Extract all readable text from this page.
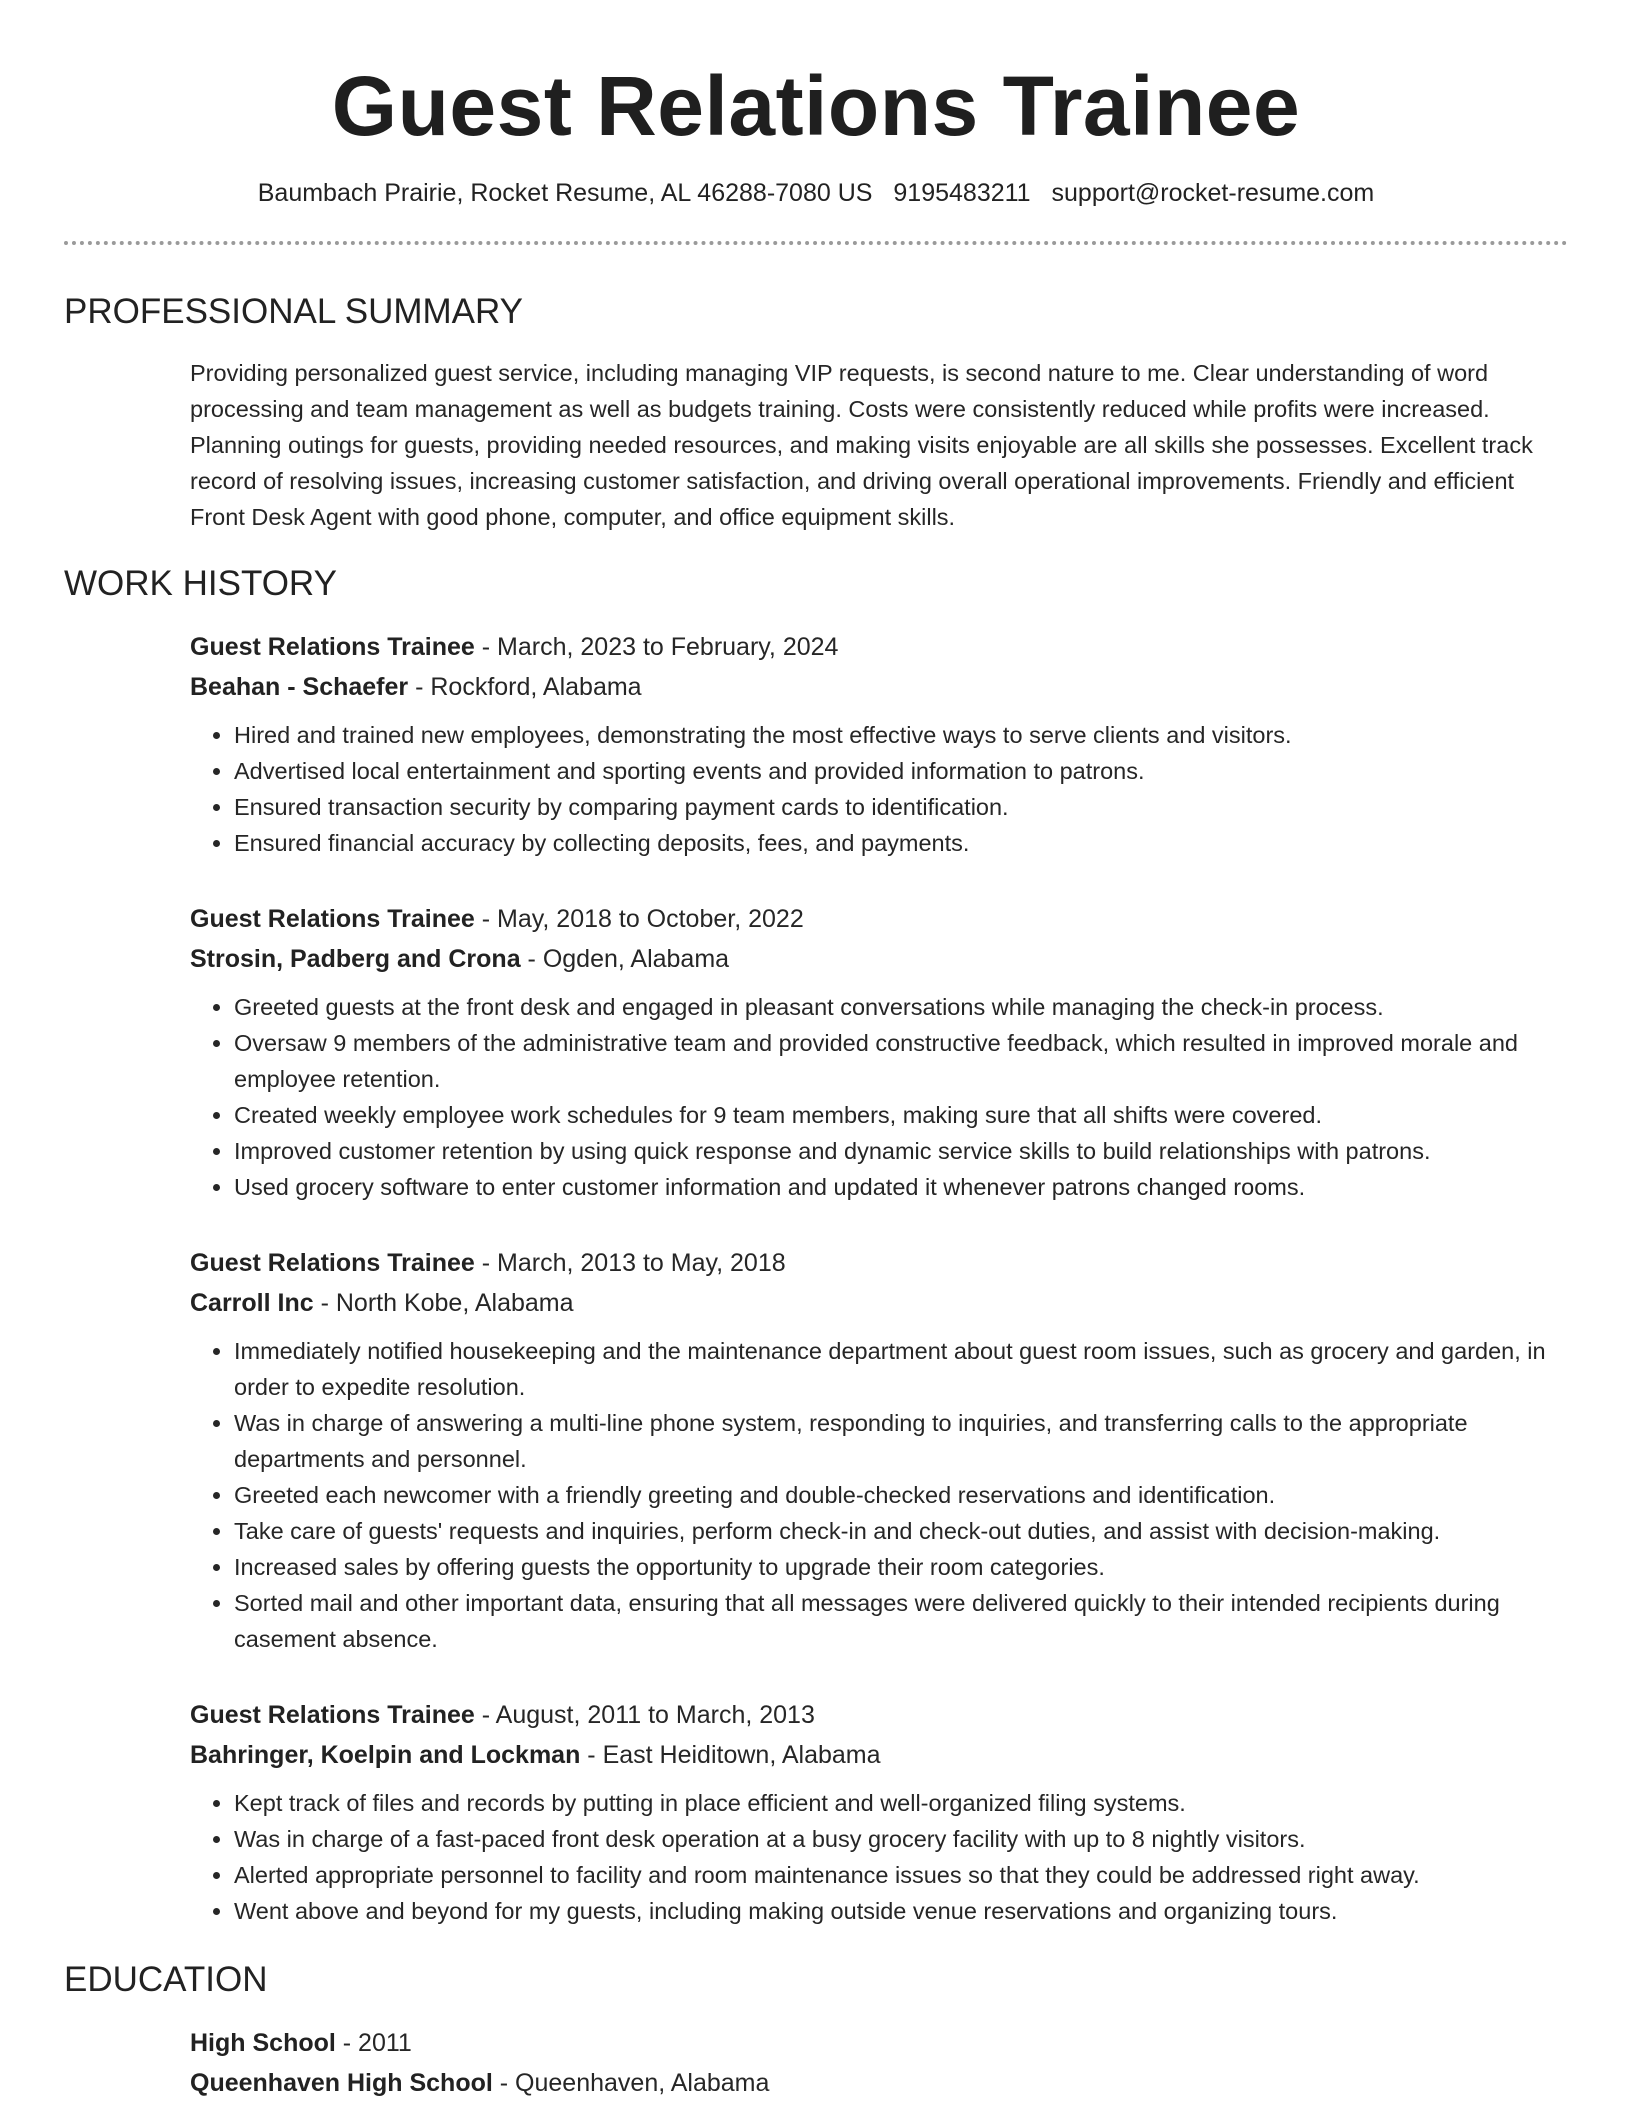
Guest Relations Trainee
Baumbach Prairie, Rocket Resume, AL 46288-7080 US 9195483211 support@rocket-resume.com
PROFESSIONAL SUMMARY
Providing personalized guest service, including managing VIP requests, is second nature to me. Clear understanding of word processing and team management as well as budgets training. Costs were consistently reduced while profits were increased. Planning outings for guests, providing needed resources, and making visits enjoyable are all skills she possesses. Excellent track record of resolving issues, increasing customer satisfaction, and driving overall operational improvements. Friendly and efficient Front Desk Agent with good phone, computer, and office equipment skills.
WORK HISTORY
Guest Relations Trainee - March, 2023 to February, 2024
Beahan - Schaefer - Rockford, Alabama
• Hired and trained new employees, demonstrating the most effective ways to serve clients and visitors.
• Advertised local entertainment and sporting events and provided information to patrons.
• Ensured transaction security by comparing payment cards to identification.
• Ensured financial accuracy by collecting deposits, fees, and payments.
Guest Relations Trainee - May, 2018 to October, 2022
Strosin, Padberg and Crona - Ogden, Alabama
• Greeted guests at the front desk and engaged in pleasant conversations while managing the check-in process.
• Oversaw 9 members of the administrative team and provided constructive feedback, which resulted in improved morale and employee retention.
• Created weekly employee work schedules for 9 team members, making sure that all shifts were covered.
• Improved customer retention by using quick response and dynamic service skills to build relationships with patrons.
• Used grocery software to enter customer information and updated it whenever patrons changed rooms.
Guest Relations Trainee - March, 2013 to May, 2018
Carroll Inc - North Kobe, Alabama
• Immediately notified housekeeping and the maintenance department about guest room issues, such as grocery and garden, in order to expedite resolution.
• Was in charge of answering a multi-line phone system, responding to inquiries, and transferring calls to the appropriate departments and personnel.
• Greeted each newcomer with a friendly greeting and double-checked reservations and identification.
• Take care of guests' requests and inquiries, perform check-in and check-out duties, and assist with decision-making.
• Increased sales by offering guests the opportunity to upgrade their room categories.
• Sorted mail and other important data, ensuring that all messages were delivered quickly to their intended recipients during casement absence.
Guest Relations Trainee - August, 2011 to March, 2013
Bahringer, Koelpin and Lockman - East Heiditown, Alabama
• Kept track of files and records by putting in place efficient and well-organized filing systems.
• Was in charge of a fast-paced front desk operation at a busy grocery facility with up to 8 nightly visitors.
• Alerted appropriate personnel to facility and room maintenance issues so that they could be addressed right away.
• Went above and beyond for my guests, including making outside venue reservations and organizing tours.
EDUCATION
High School - 2011
Queenhaven High School - Queenhaven, Alabama
